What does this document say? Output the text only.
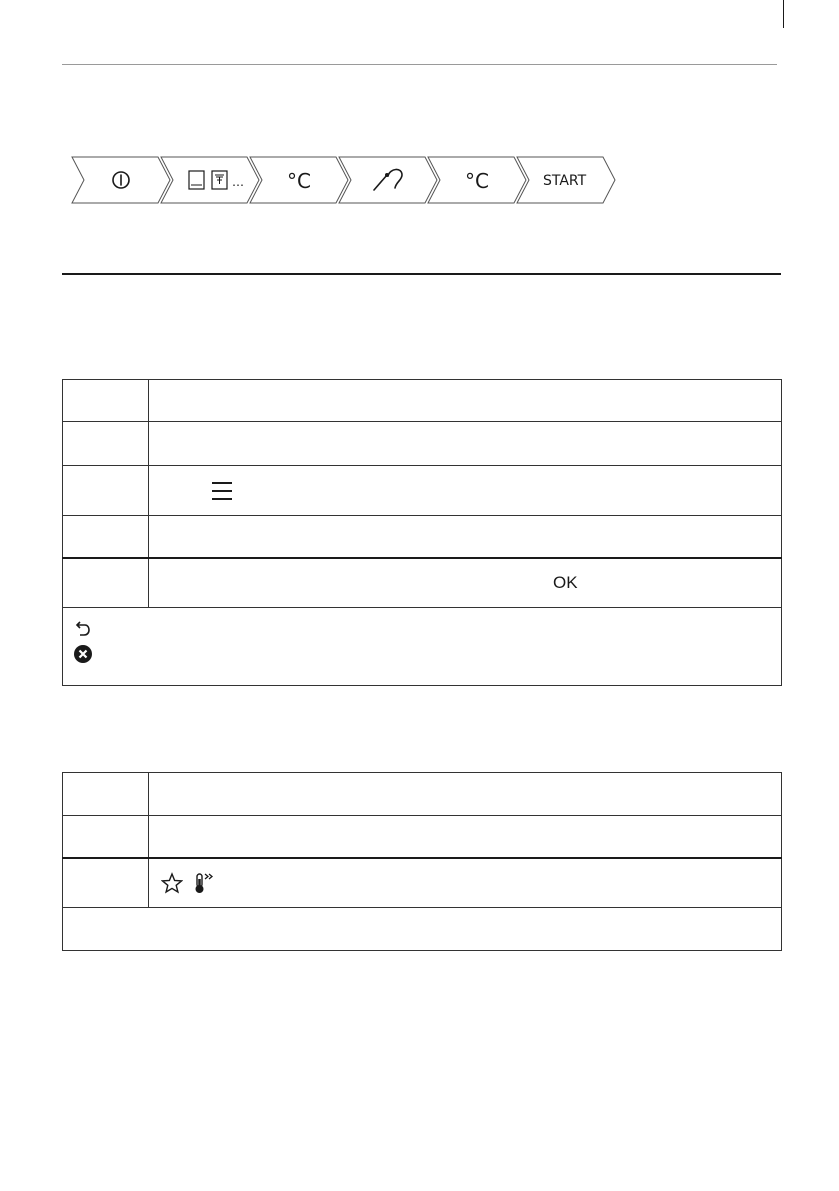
… °C	°C	START

	OK
